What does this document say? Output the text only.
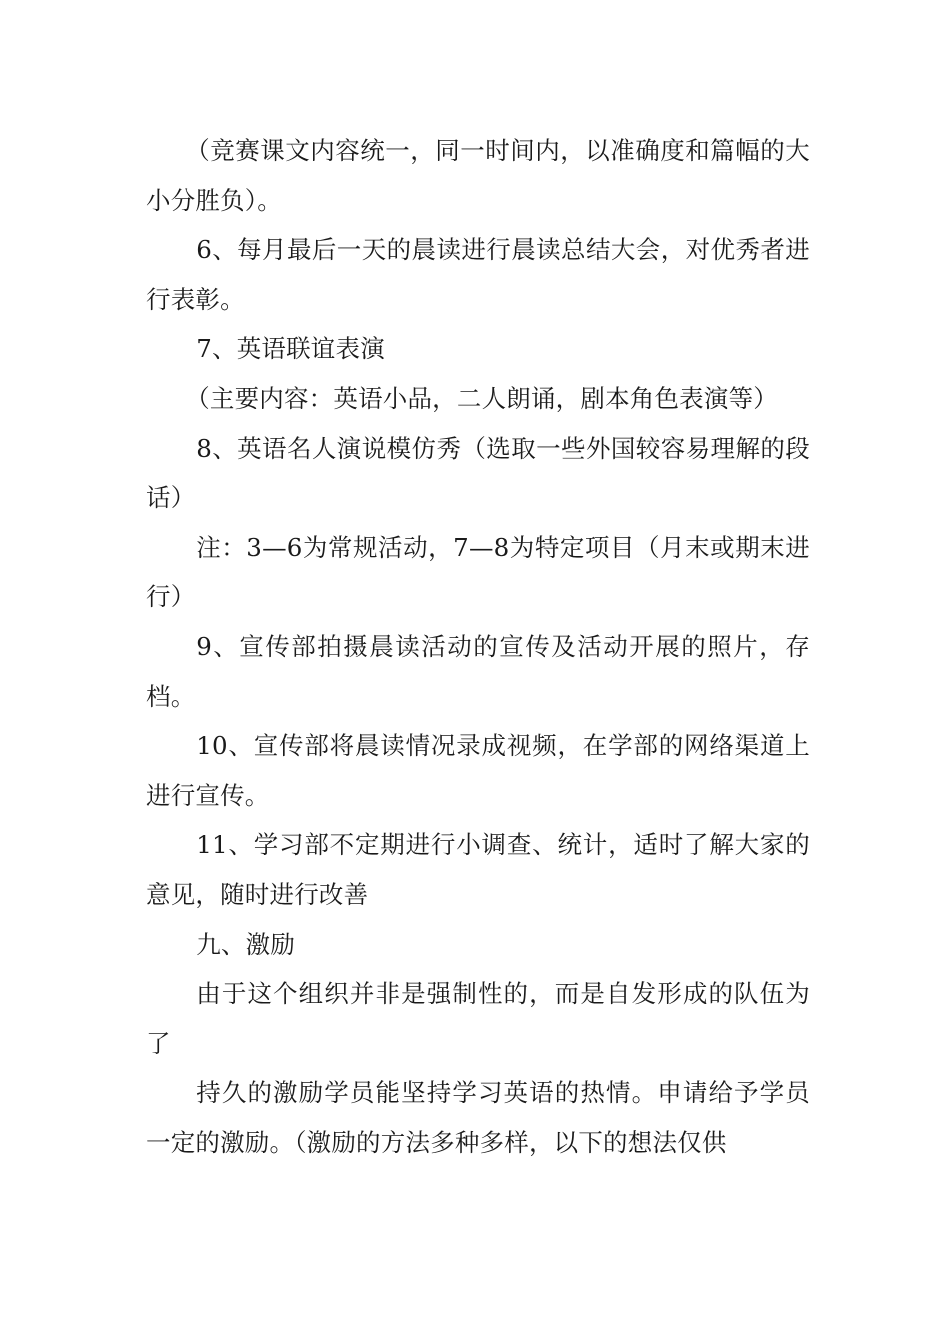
（竞赛课文内容统一，同一时间内，以准确度和篇幅的大小分胜负）。

6、每月最后一天的晨读进行晨读总结大会，对优秀者进行表彰。

7、英语联谊表演

（主要内容：英语小品，二人朗诵，剧本角色表演等）

8、英语名人演说模仿秀（选取一些外国较容易理解的段话）

注：3—6为常规活动，7—8为特定项目（月末或期末进行）

9、宣传部拍摄晨读活动的宣传及活动开展的照片，存档。

10、宣传部将晨读情况录成视频，在学部的网络渠道上进行宣传。

11、学习部不定期进行小调查、统计，适时了解大家的意见，随时进行改善

九、激励

由于这个组织并非是强制性的，而是自发形成的队伍为了

持久的激励学员能坚持学习英语的热情。申请给予学员一定的激励。（激励的方法多种多样，以下的想法仅供
